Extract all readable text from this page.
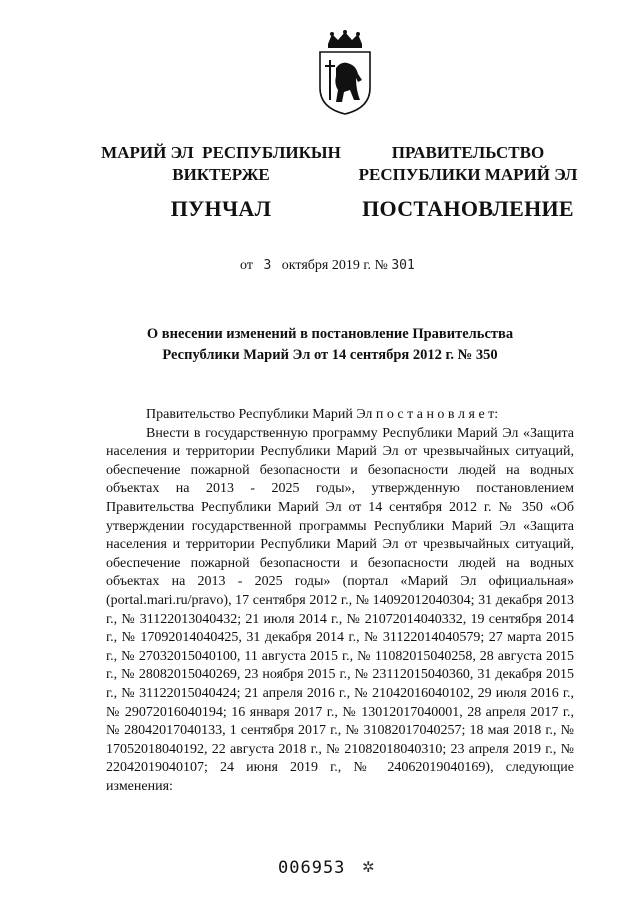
МАРИЙ ЭЛ  РЕСПУБЛИКЫН
ВИКТЕРЖЕ
ПУНЧАЛ
ПРАВИТЕЛЬСТВО
РЕСПУБЛИКИ МАРИЙ ЭЛ
ПОСТАНОВЛЕНИЕ
от 3 октября 2019 г. № 301
О внесении изменений в постановление Правительства
Республики Марий Эл от 14 сентября 2012 г. № 350

Правительство Республики Марий Эл п о с т а н о в л я е т:

Внести в государственную программу Республики Марий Эл «Защита населения и территории Республики Марий Эл от чрезвычайных ситуаций, обеспечение пожарной безопасности и безопасности людей на водных объектах на 2013 - 2025 годы», утвержденную постановлением Правительства Республики Марий Эл от 14 сентября 2012 г. № 350 «Об утверждении государственной программы Республики Марий Эл «Защита населения и территории Республики Марий Эл от чрезвычайных ситуаций, обеспечение пожарной безопасности и безопасности людей на водных объектах на 2013 - 2025 годы» (портал «Марий Эл официальная» (portal.mari.ru/pravo), 17 сентября 2012 г., № 14092012040304; 31 декабря 2013 г., № 31122013040432; 21 июля 2014 г., № 21072014040332, 19 сентября 2014 г., № 17092014040425, 31 декабря 2014 г., № 31122014040579; 27 марта 2015 г., № 27032015040100, 11 августа 2015 г., № 11082015040258, 28 августа 2015 г., № 28082015040269, 23 ноября 2015 г., № 23112015040360, 31 декабря 2015 г., № 31122015040424; 21 апреля 2016 г., № 21042016040102, 29 июля 2016 г., № 29072016040194; 16 января 2017 г., № 13012017040001, 28 апреля 2017 г., № 28042017040133, 1 сентября 2017 г., № 31082017040257; 18 мая 2018 г., № 17052018040192, 22 августа 2018 г., № 21082018040310; 23 апреля 2019 г., № 22042019040107; 24 июня 2019 г., № 24062019040169), следующие изменения:

006953 ✲
